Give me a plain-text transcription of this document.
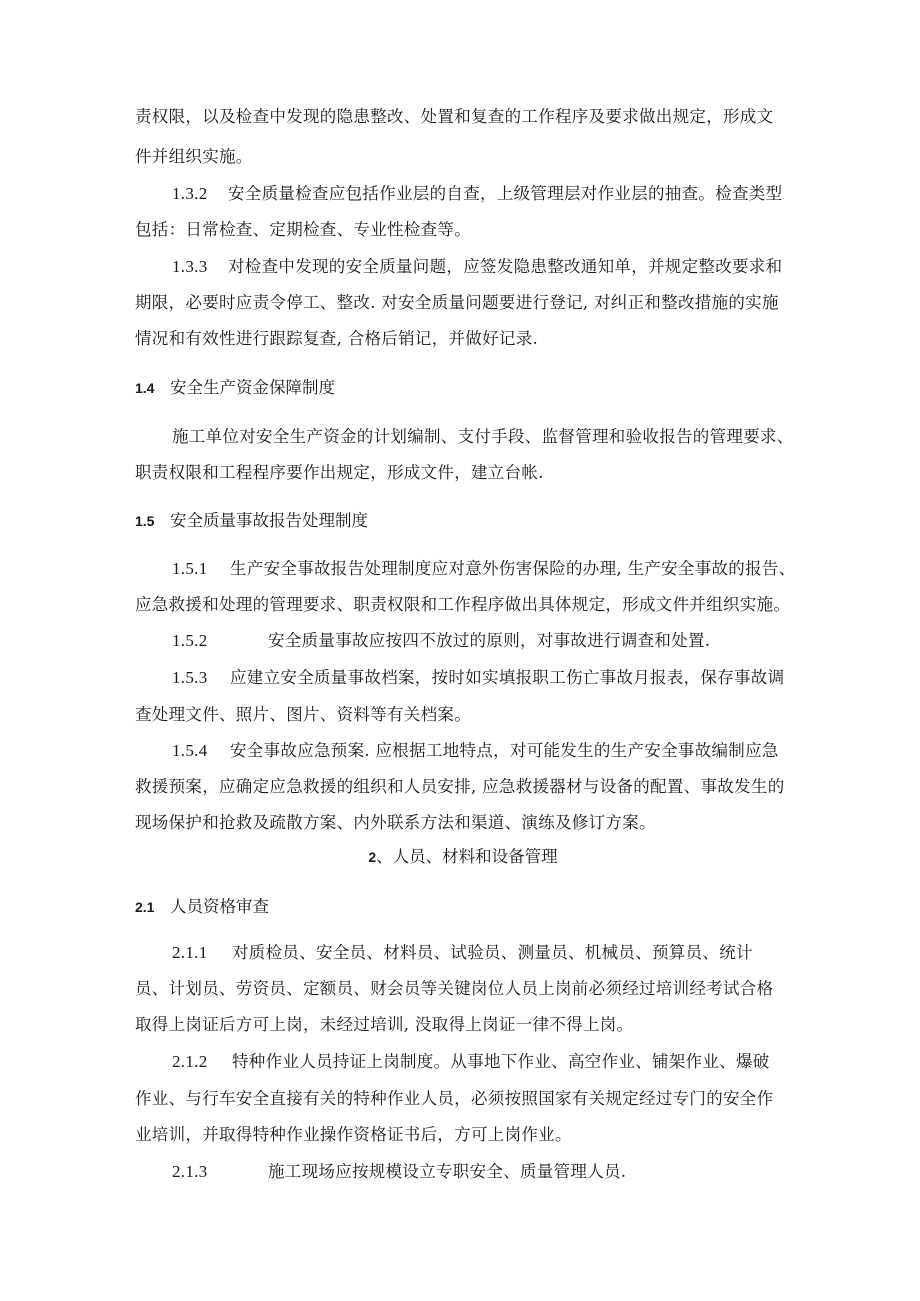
责权限，以及检查中发现的隐患整改、处置和复查的工作程序及要求做出规定，形成文
件并组织实施。
1.3.2 安全质量检查应包括作业层的自查，上级管理层对作业层的抽查。检查类型
包括：日常检查、定期检查、专业性检查等。
1.3.3 对检查中发现的安全质量问题，应签发隐患整改通知单，并规定整改要求和
期限，必要时应责令停工、整改. 对安全质量问题要进行登记, 对纠正和整改措施的实施
情况和有效性进行跟踪复查, 合格后销记，并做好记录.
1.4 安全生产资金保障制度
施工单位对安全生产资金的计划编制、支付手段、监督管理和验收报告的管理要求、
职责权限和工程程序要作出规定，形成文件，建立台帐.
1.5 安全质量事故报告处理制度
1.5.1 生产安全事故报告处理制度应对意外伤害保险的办理, 生产安全事故的报告、
应急救援和处理的管理要求、职责权限和工作程序做出具体规定，形成文件并组织实施。
1.5.2	安全质量事故应按四不放过的原则，对事故进行调查和处置.
1.5.3 应建立安全质量事故档案，按时如实填报职工伤亡事故月报表，保存事故调
查处理文件、照片、图片、资料等有关档案。
1.5.4 安全事故应急预案. 应根据工地特点，对可能发生的生产安全事故编制应急
救援预案，应确定应急救援的组织和人员安排, 应急救援器材与设备的配置、事故发生的
现场保护和抢救及疏散方案、内外联系方法和渠道、演练及修订方案。
2、人员、材料和设备管理
2.1 人员资格审查
2.1.1 对质检员、安全员、材料员、试验员、测量员、机械员、预算员、统计
员、计划员、劳资员、定额员、财会员等关键岗位人员上岗前必须经过培训经考试合格
取得上岗证后方可上岗，未经过培训, 没取得上岗证一律不得上岗。
2.1.2 特种作业人员持证上岗制度。从事地下作业、高空作业、铺架作业、爆破
作业、与行车安全直接有关的特种作业人员，必须按照国家有关规定经过专门的安全作
业培训，并取得特种作业操作资格证书后，方可上岗作业。
2.1.3	施工现场应按规模设立专职安全、质量管理人员.
